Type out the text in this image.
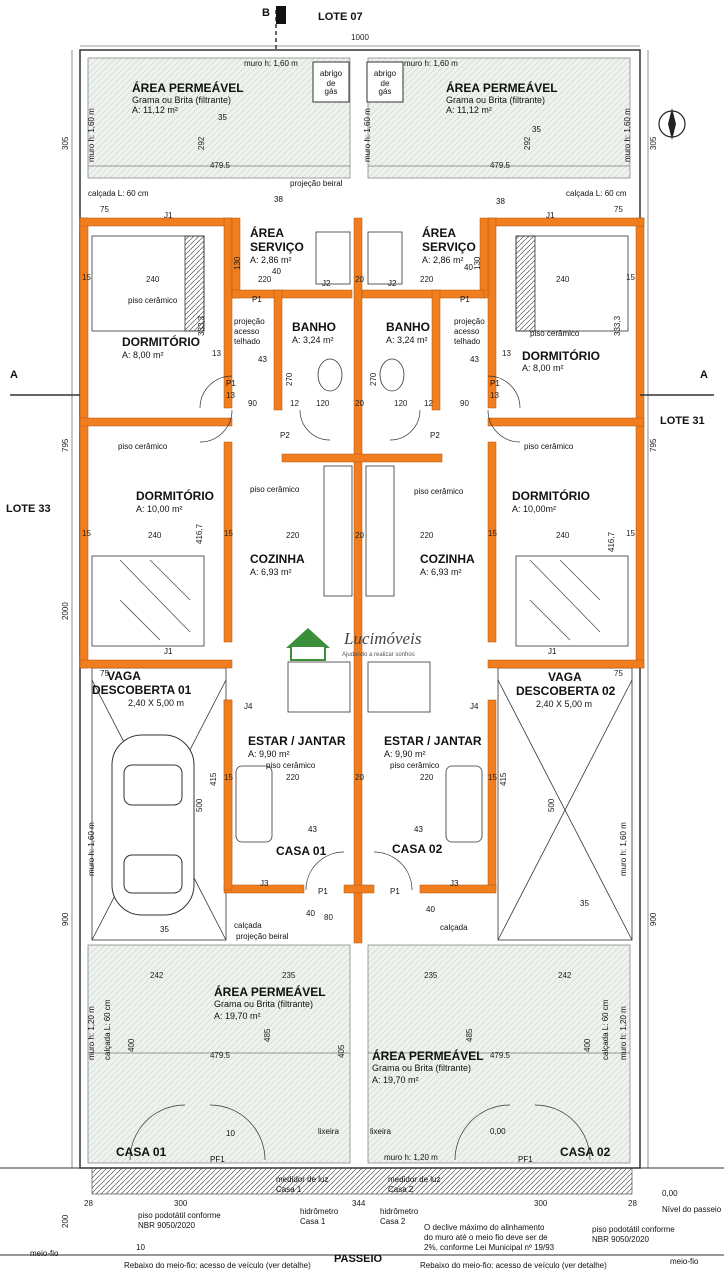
LOTE 07
LOTE 31
LOTE 33
PASSEIO
B
A	A
Lucimóveis
Ajudando a realizar sonhos
1000
479.5	479.5
479.5	479.5
75	75
75	75
240	240
240	240
220	220
220	220
220	220
90	90
120	120
12	12
20
20
20
20
13	13
13	13
15	15
15	15
15	15
15	15
242	242
235	235
28	28
300	300
344
80
305	305
292	292
795	795
2000
900	900
130	130
333,3	333,3
270	270
416,7	416,7
415	415
500	500
485	485
405
400	400
200
muro h: 1,60 m	muro h: 1,60 m
muro h: 1,60 m	muro h: 1,60 m	muro h: 1,60 m
muro h: 1,60 m	muro h: 1,60 m
muro h: 1,20 m	muro h: 1,20 m
calçada L: 60 cm	calçada L: 60 cm
muro h: 1,20 m
calçada L: 60 cm	calçada L: 60 cm
projeção beiral
projeção beiral
calçada	calçada
ÁREA PERMEÁVEL
Grama ou Brita (filtrante)
A: 11,12 m²
ÁREA PERMEÁVEL
Grama ou Brita (filtrante)
A: 11,12 m²
abrigo
de
gás
abrigo
de
gás
ÁREA
SERVIÇO
A: 2,86 m²
ÁREA
SERVIÇO
A: 2,86 m²
BANHO
A: 3,24 m²
BANHO
A: 3,24 m²
piso cerâmico
piso cerâmico
DORMITÓRIO
A: 8,00 m²	DORMITÓRIO
A: 8,00 m²
projeção
acesso
telhado
projeção
acesso
telhado
piso cerâmico	piso cerâmico
DORMITÓRIO
A: 10,00 m²
DORMITÓRIO
A: 10,00m²
piso cerâmico	piso cerâmico
COZINHA
A: 6,93 m²
COZINHA
A: 6,93 m²
VAGA
DESCOBERTA 01
2,40 X 5,00 m
VAGA
DESCOBERTA 02
2,40 X 5,00 m
ESTAR / JANTAR
A: 9,90 m²
piso cerâmico
ESTAR / JANTAR
A: 9,90 m²
piso cerâmico
CASA 01	CASA 02
ÁREA PERMEÁVEL
Grama ou Brita (filtrante)
A: 19,70 m²
ÁREA PERMEÁVEL
Grama ou Brita (filtrante)
A: 19,70 m²
CASA 01	CASA 02
lixeira	lixeira
medidor de luz
Casa 1
medidor de luz
Casa 2
hidrômetro
Casa 1
hidrômetro
Casa 2
piso podotátil conforme
NBR 9050/2020	piso podotátil conforme
NBR 9050/2020
O declive máximo do alinhamento
do muro até o meio fio deve ser de
2%, conforme Lei Municipal nº 19/93
0,00
Nível do passeio
meio-fio
meio-fio
Rebaixo do meio-fio: acesso de veículo (ver detalhe)	Rebaixo do meio-fio: acesso de veículo (ver detalhe)
J1	J1
J1	J1
J2	J2
J3	J3
J4	J4
P1	P1
P1	P1
P1	P1
P2	P2
PF1	PF1
35
35
38	38
40	40
43	43
43	43
40	40
35
35
10
10
0,00
